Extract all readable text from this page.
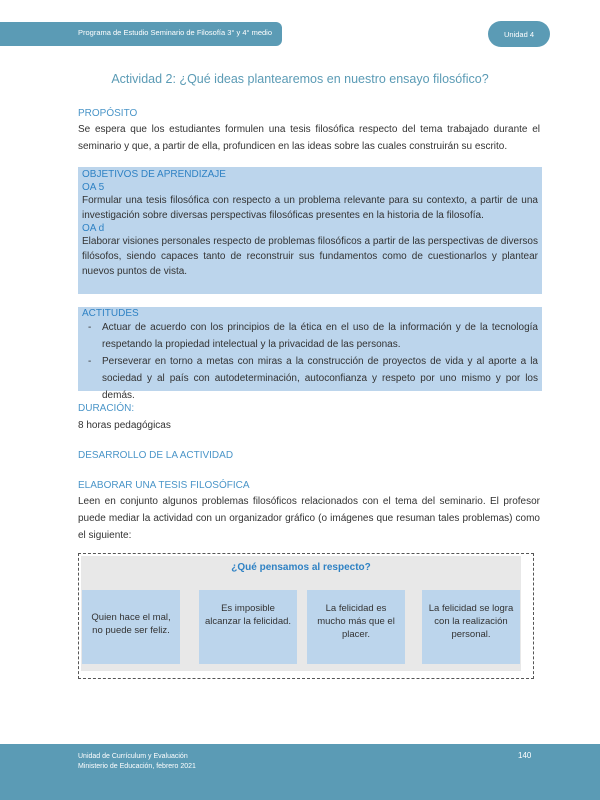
Programa de Estudio Seminario de Filosofía 3° y 4° medio	Unidad 4
Actividad 2: ¿Qué ideas plantearemos en nuestro ensayo filosófico?
PROPÓSITO
Se espera que los estudiantes formulen una tesis filosófica respecto del tema trabajado durante el seminario y que, a partir de ella, profundicen en las ideas sobre las cuales construirán su escrito.
OBJETIVOS DE APRENDIZAJE
OA 5
Formular una tesis filosófica con respecto a un problema relevante para su contexto, a partir de una investigación sobre diversas perspectivas filosóficas presentes en la historia de la filosofía.
OA d
Elaborar visiones personales respecto de problemas filosóficos a partir de las perspectivas de diversos filósofos, siendo capaces tanto de reconstruir sus fundamentos como de cuestionarlos y plantear nuevos puntos de vista.
ACTITUDES
- Actuar de acuerdo con los principios de la ética en el uso de la información y de la tecnología respetando la propiedad intelectual y la privacidad de las personas.
- Perseverar en torno a metas con miras a la construcción de proyectos de vida y al aporte a la sociedad y al país con autodeterminación, autoconfianza y respeto por uno mismo y por los demás.
DURACIÓN:
8 horas pedagógicas
DESARROLLO DE LA ACTIVIDAD
ELABORAR UNA TESIS FILOSÓFICA
Leen en conjunto algunos problemas filosóficos relacionados con el tema del seminario. El profesor puede mediar la actividad con un organizador gráfico (o imágenes que resuman tales problemas) como el siguiente:
¿Qué pensamos al respecto?
Quien hace el mal, no puede ser feliz.
Es imposible alcanzar la felicidad.
La felicidad es mucho más que el placer.
La felicidad se logra con la realización personal.
Unidad de Currículum y Evaluación
Ministerio de Educación, febrero 2021
140
